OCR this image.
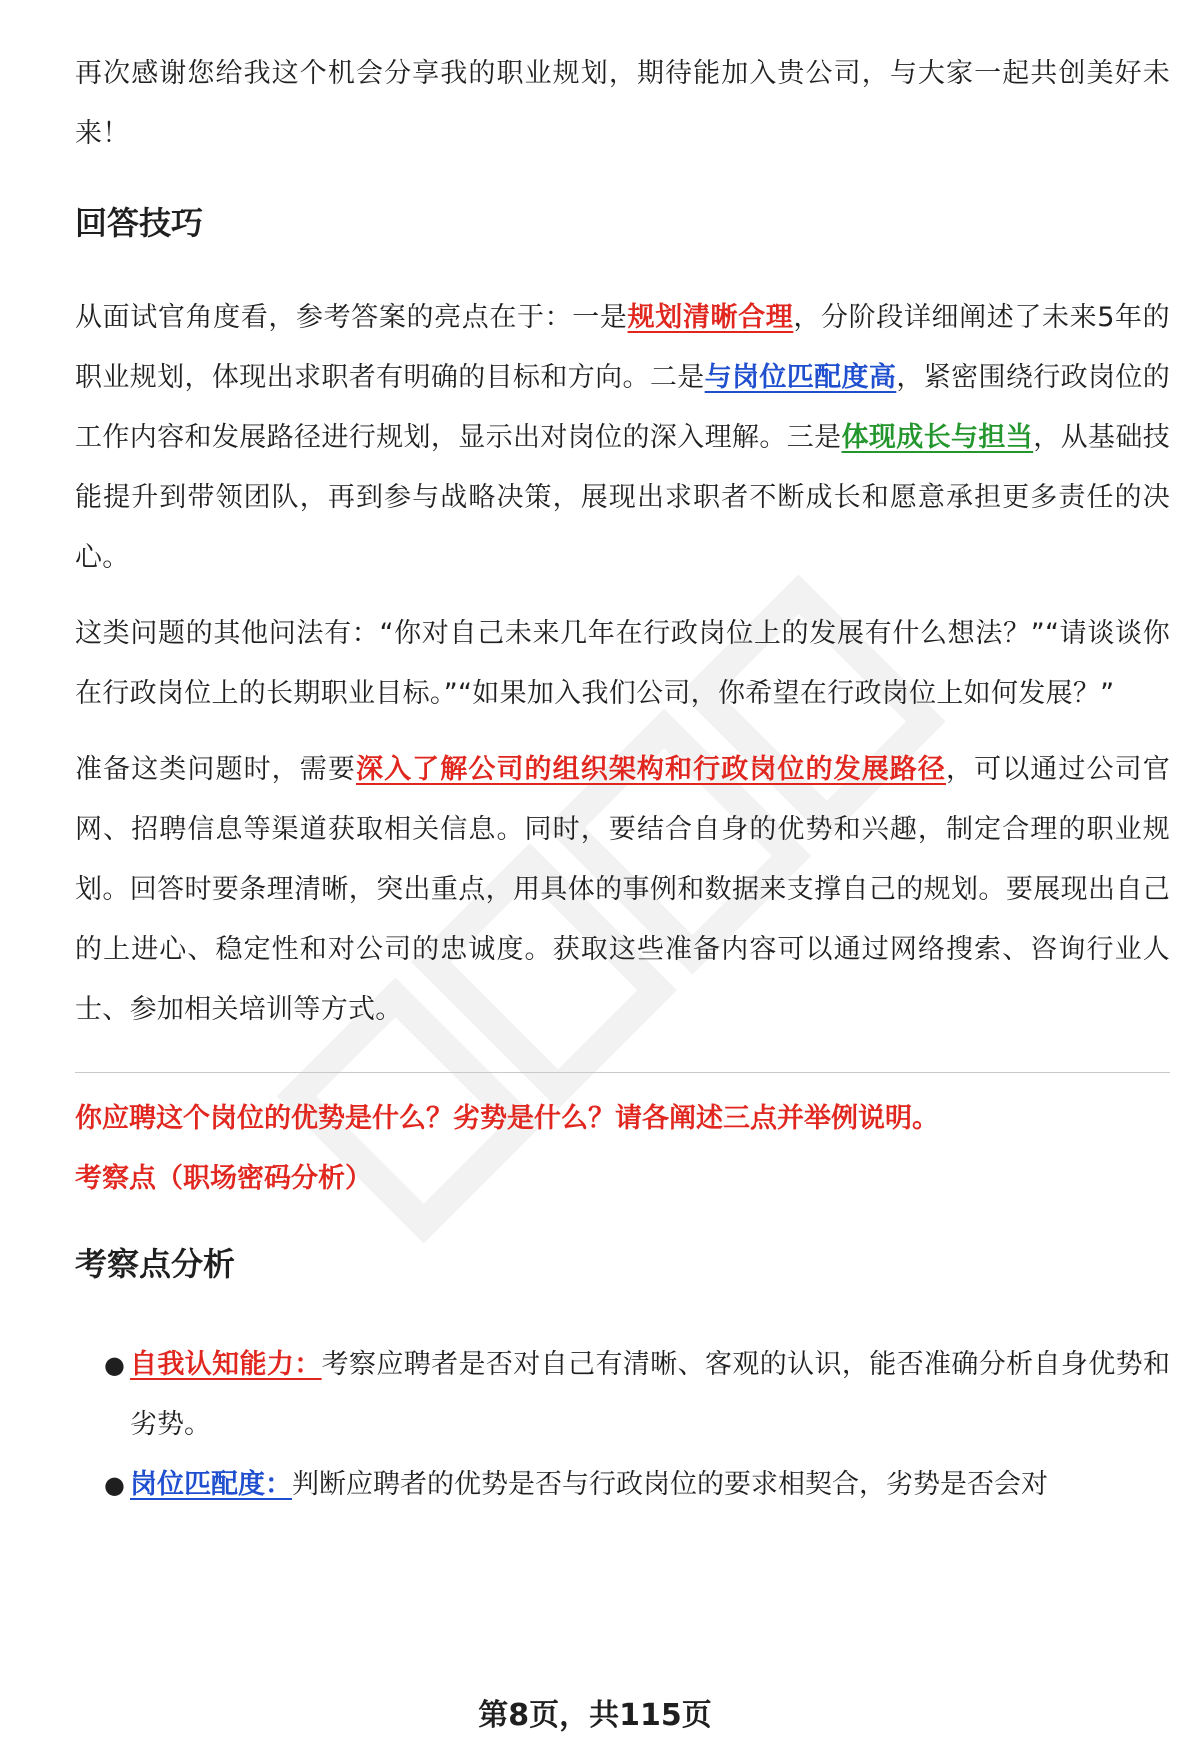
再次感谢您给我这个机会分享我的职业规划，期待能加入贵公司，与大家一起共创美好未来！

回答技巧

从面试官角度看，参考答案的亮点在于：一是规划清晰合理，分阶段详细阐述了未来5年的职业规划，体现出求职者有明确的目标和方向。二是与岗位匹配度高，紧密围绕行政岗位的工作内容和发展路径进行规划，显示出对岗位的深入理解。三是体现成长与担当，从基础技能提升到带领团队，再到参与战略决策，展现出求职者不断成长和愿意承担更多责任的决心。

这类问题的其他问法有：“你对自己未来几年在行政岗位上的发展有什么想法？”“请谈谈你在行政岗位上的长期职业目标。”“如果加入我们公司，你希望在行政岗位上如何发展？”

准备这类问题时，需要深入了解公司的组织架构和行政岗位的发展路径，可以通过公司官网、招聘信息等渠道获取相关信息。同时，要结合自身的优势和兴趣，制定合理的职业规划。回答时要条理清晰，突出重点，用具体的事例和数据来支撑自己的规划。要展现出自己的上进心、稳定性和对公司的忠诚度。获取这些准备内容可以通过网络搜索、咨询行业人士、参加相关培训等方式。

你应聘这个岗位的优势是什么？劣势是什么？请各阐述三点并举例说明。

考察点（职场密码分析）

考察点分析
● 自我认知能力：考察应聘者是否对自己有清晰、客观的认识，能否准确分析自身优势和劣势。
● 岗位匹配度：判断应聘者的优势是否与行政岗位的要求相契合，劣势是否会对
第8页，共115页
